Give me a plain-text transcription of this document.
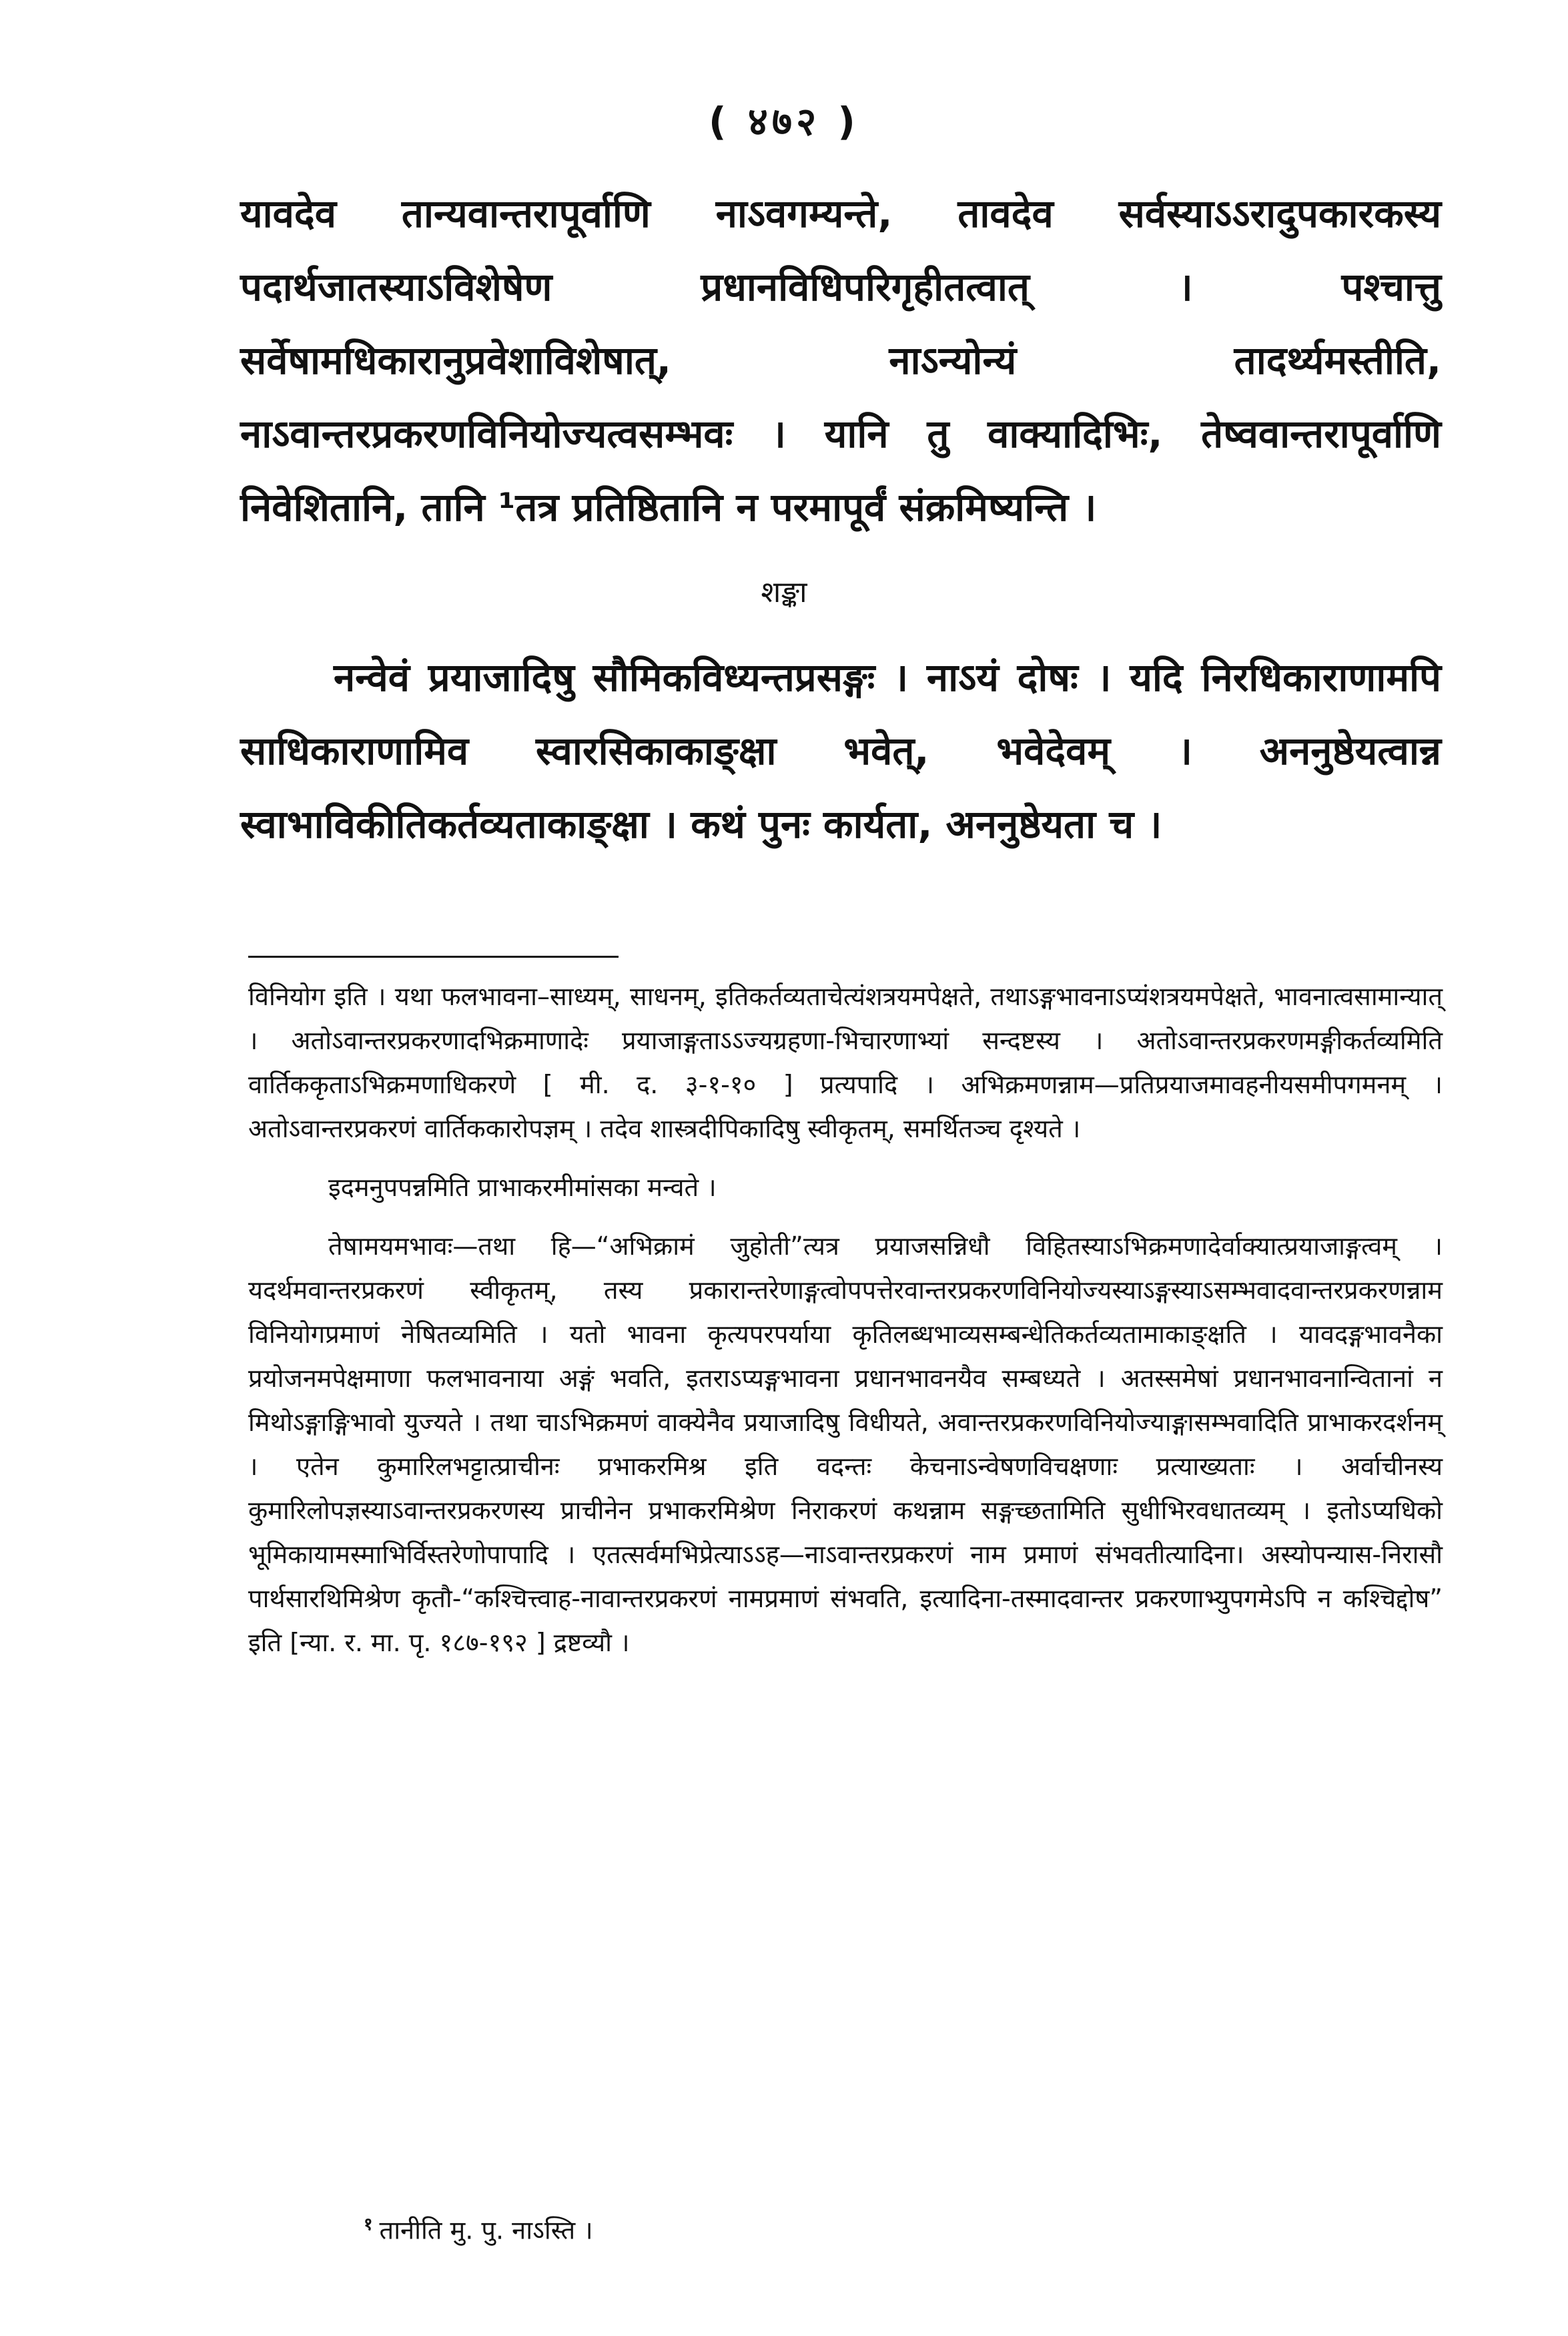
( ४७२ )

यावदेव तान्यवान्तरापूर्वाणि नाऽवगम्यन्ते, तावदेव सर्वस्याऽऽरादुपकारकस्य पदार्थजातस्याऽविशेषेण प्रधानविधिपरिगृहीतत्वात् । पश्चात्तु सर्वेषामधिकारानुप्रवेशाविशेषात्, नाऽन्योन्यं तादर्थ्यमस्तीति, नाऽवान्तरप्रकरणविनियोज्यत्वसम्भवः । यानि तु वाक्यादिभिः, तेष्ववान्तरापूर्वाणि निवेशितानि, तानि ¹तत्र प्रतिष्ठितानि न परमापूर्वं संक्रमिष्यन्ति ।

शङ्का

नन्वेवं प्रयाजादिषु सौमिकविध्यन्तप्रसङ्गः । नाऽयं दोषः । यदि निरधिकाराणामपि साधिकाराणामिव स्वारसिकाकाङ्क्षा भवेत्, भवेदेवम् । अननुष्ठेयत्वान्न स्वाभाविकीतिकर्तव्यताकाङ्क्षा । कथं पुनः कार्यता, अननुष्ठेयता च ।

विनियोग इति । यथा फलभावना–साध्यम्, साधनम्, इतिकर्तव्यताचेत्यंशत्रयमपेक्षते, तथाऽङ्गभावनाऽप्यंशत्रयमपेक्षते, भावनात्वसामान्यात् । अतोऽवान्तरप्रकरणादभिक्रमाणादेः प्रयाजाङ्गताऽऽज्यग्रहणा-भिचारणाभ्यां सन्दष्टस्य । अतोऽवान्तरप्रकरणमङ्गीकर्तव्यमिति वार्तिककृताऽभिक्रमणाधिकरणे [ मी. द. ३-१-१० ] प्रत्यपादि । अभिक्रमणन्नाम—प्रतिप्रयाजमावहनीयसमीपगमनम् । अतोऽवान्तरप्रकरणं वार्तिककारोपज्ञम् । तदेव शास्त्रदीपिकादिषु स्वीकृतम्, समर्थितञ्च दृश्यते ।

इदमनुपपन्नमिति प्राभाकरमीमांसका मन्वते ।

तेषामयमभावः—तथा हि—“अभिक्रामं जुहोती”त्यत्र प्रयाजसन्निधौ विहितस्याऽभिक्रमणादेर्वाक्यात्प्रयाजाङ्गत्वम् । यदर्थमवान्तरप्रकरणं स्वीकृतम्, तस्य प्रकारान्तरेणाङ्गत्वोपपत्तेरवान्तरप्रकरणविनियोज्यस्याऽङ्गस्याऽसम्भवादवान्तरप्रकरणन्नाम विनियोगप्रमाणं नेषितव्यमिति । यतो भावना कृत्यपरपर्याया कृतिलब्धभाव्यसम्बन्धेतिकर्तव्यतामाकाङ्क्षति । यावदङ्गभावनैका प्रयोजनमपेक्षमाणा फलभावनाया अङ्गं भवति, इतराऽप्यङ्गभावना प्रधानभावनयैव सम्बध्यते । अतस्समेषां प्रधानभावनान्वितानां न मिथोऽङ्गाङ्गिभावो युज्यते । तथा चाऽभिक्रमणं वाक्येनैव प्रयाजादिषु विधीयते, अवान्तरप्रकरणविनियोज्याङ्गासम्भवादिति प्राभाकरदर्शनम् । एतेन कुमारिलभट्टात्प्राचीनः प्रभाकरमिश्र इति वदन्तः केचनाऽन्वेषणविचक्षणाः प्रत्याख्यताः । अर्वाचीनस्य कुमारिलोपज्ञस्याऽवान्तरप्रकरणस्य प्राचीनेन प्रभाकरमिश्रेण निराकरणं कथन्नाम सङ्गच्छतामिति सुधीभिरवधातव्यम् । इतोऽप्यधिको भूमिकायामस्माभिर्विस्तरेणोपापादि । एतत्सर्वमभिप्रेत्याऽऽह—नाऽवान्तरप्रकरणं नाम प्रमाणं संभवतीत्यादिना। अस्योपन्यास-निरासौ पार्थसारथिमिश्रेण कृतौ-“कश्चित्त्वाह-नावान्तरप्रकरणं नामप्रमाणं संभवति, इत्यादिना-तस्मादवान्तर प्रकरणाभ्युपगमेऽपि न कश्चिद्दोष” इति [न्या. र. मा. पृ. १८७-१९२ ] द्रष्टव्यौ ।

$^१$ तानीति मु. पु. नाऽस्ति ।
